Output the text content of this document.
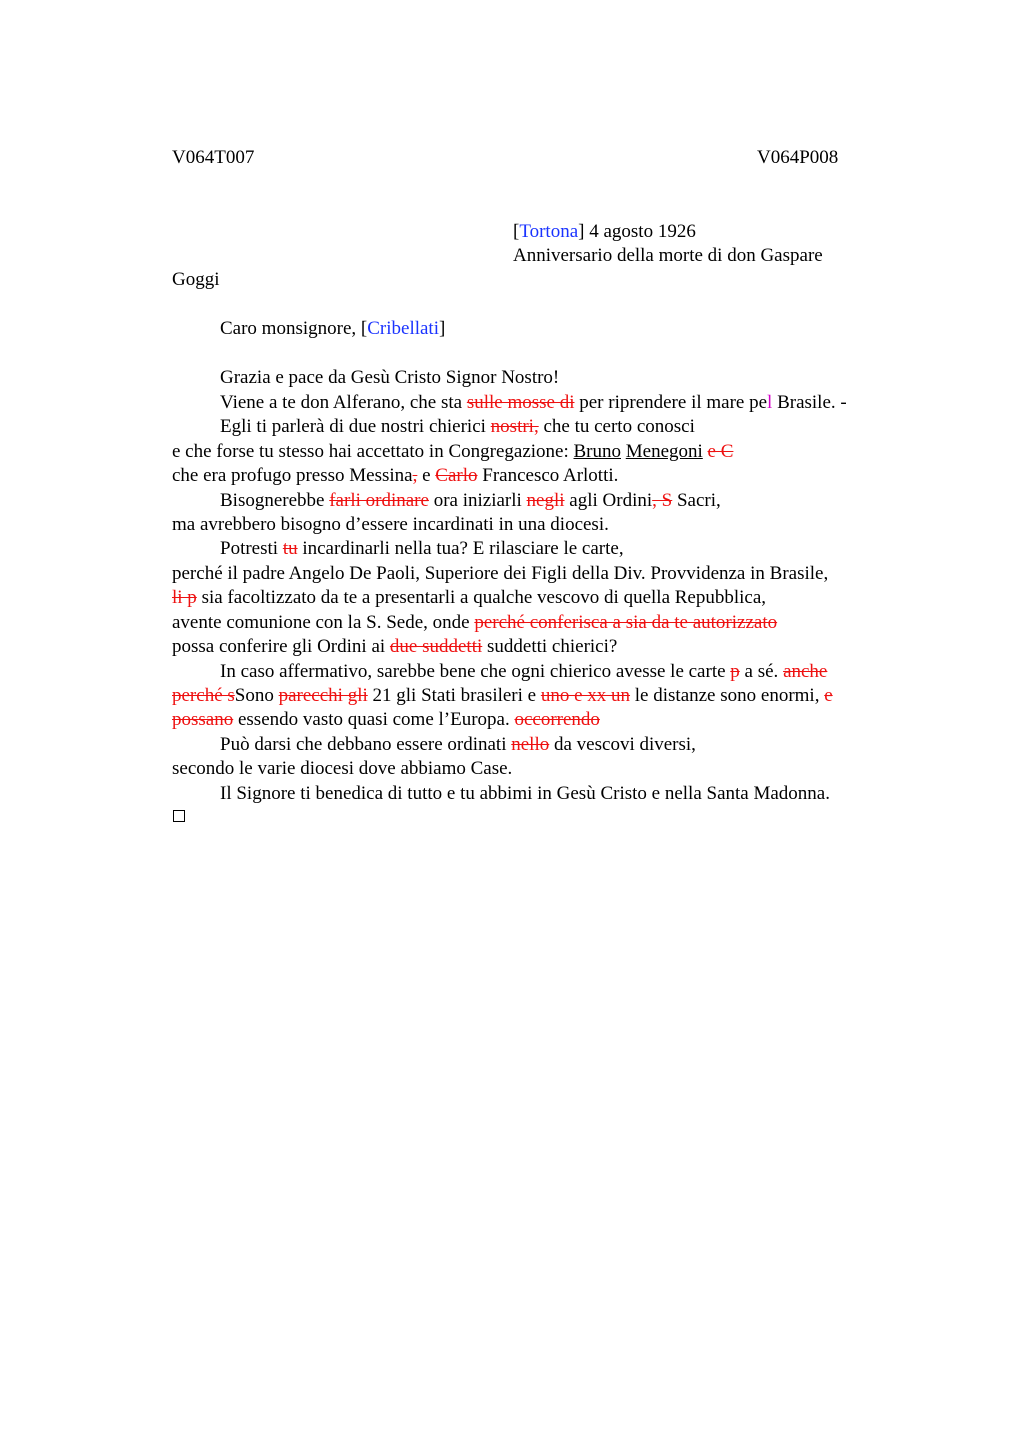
V064T007	V064P008
[Tortona] 4 agosto 1926
Anniversario della morte di don Gaspare
Goggi
Caro monsignore, [Cribellati]
Grazia e pace da Gesù Cristo Signor Nostro!
Viene a te don Alferano, che sta sulle mosse di per riprendere il mare pel Brasile. -
Egli ti parlerà di due nostri chierici nostri, che tu certo conosci
e che forse tu stesso hai accettato in Congregazione: Bruno Menegoni e C
che era profugo presso Messina, e Carlo Francesco Arlotti.
Bisognerebbe farli ordinare ora iniziarli negli agli Ordini, S Sacri,
ma avrebbero bisogno d’essere incardinati in una diocesi.
Potresti tu incardinarli nella tua? E rilasciare le carte,
perché il padre Angelo De Paoli, Superiore dei Figli della Div. Provvidenza in Brasile,
li p sia facoltizzato da te a presentarli a qualche vescovo di quella Repubblica,
avente comunione con la S. Sede, onde perché conferisca a sia da te autorizzato
possa conferire gli Ordini ai due suddetti suddetti chierici?
In caso affermativo, sarebbe bene che ogni chierico avesse le carte p a sé. anche
perché sSono parecchi gli 21 gli Stati brasileri e uno e xx un le distanze sono enormi, e
possano essendo vasto quasi come l’Europa. occorrendo
Può darsi che debbano essere ordinati nello da vescovi diversi,
secondo le varie diocesi dove abbiamo Case.
Il Signore ti benedica di tutto e tu abbimi in Gesù Cristo e nella Santa Madonna.
